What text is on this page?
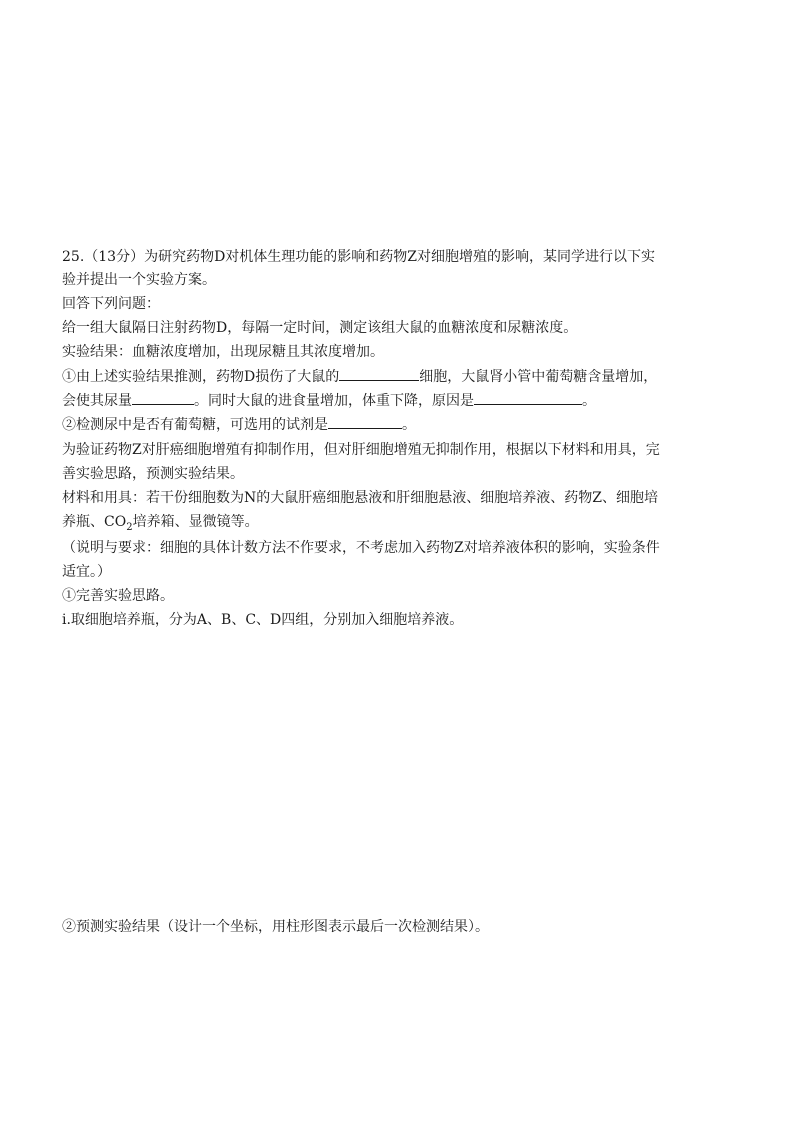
25.（13分）为研究药物D对机体生理功能的影响和药物Z对细胞增殖的影响，某同学进行以下实
验并提出一个实验方案。
回答下列问题：
给一组大鼠隔日注射药物D，每隔一定时间，测定该组大鼠的血糖浓度和尿糖浓度。
实验结果：血糖浓度增加，出现尿糖且其浓度增加。
①由上述实验结果推测，药物D损伤了大鼠的	细胞，大鼠肾小管中葡萄糖含量增加，
会使其尿量	。同时大鼠的进食量增加，体重下降，原因是	。
②检测尿中是否有葡萄糖，可选用的试剂是	。
为验证药物Z对肝癌细胞增殖有抑制作用，但对肝细胞增殖无抑制作用，根据以下材料和用具，完
善实验思路，预测实验结果。
材料和用具：若干份细胞数为N的大鼠肝癌细胞悬液和肝细胞悬液、细胞培养液、药物Z、细胞培
养瓶、$CO_2$培养箱、显微镜等。
（说明与要求：细胞的具体计数方法不作要求，不考虑加入药物Z对培养液体积的影响，实验条件
适宜。）
①完善实验思路。
i.取细胞培养瓶，分为A、B、C、D四组，分别加入细胞培养液。
②预测实验结果（设计一个坐标，用柱形图表示最后一次检测结果）。
